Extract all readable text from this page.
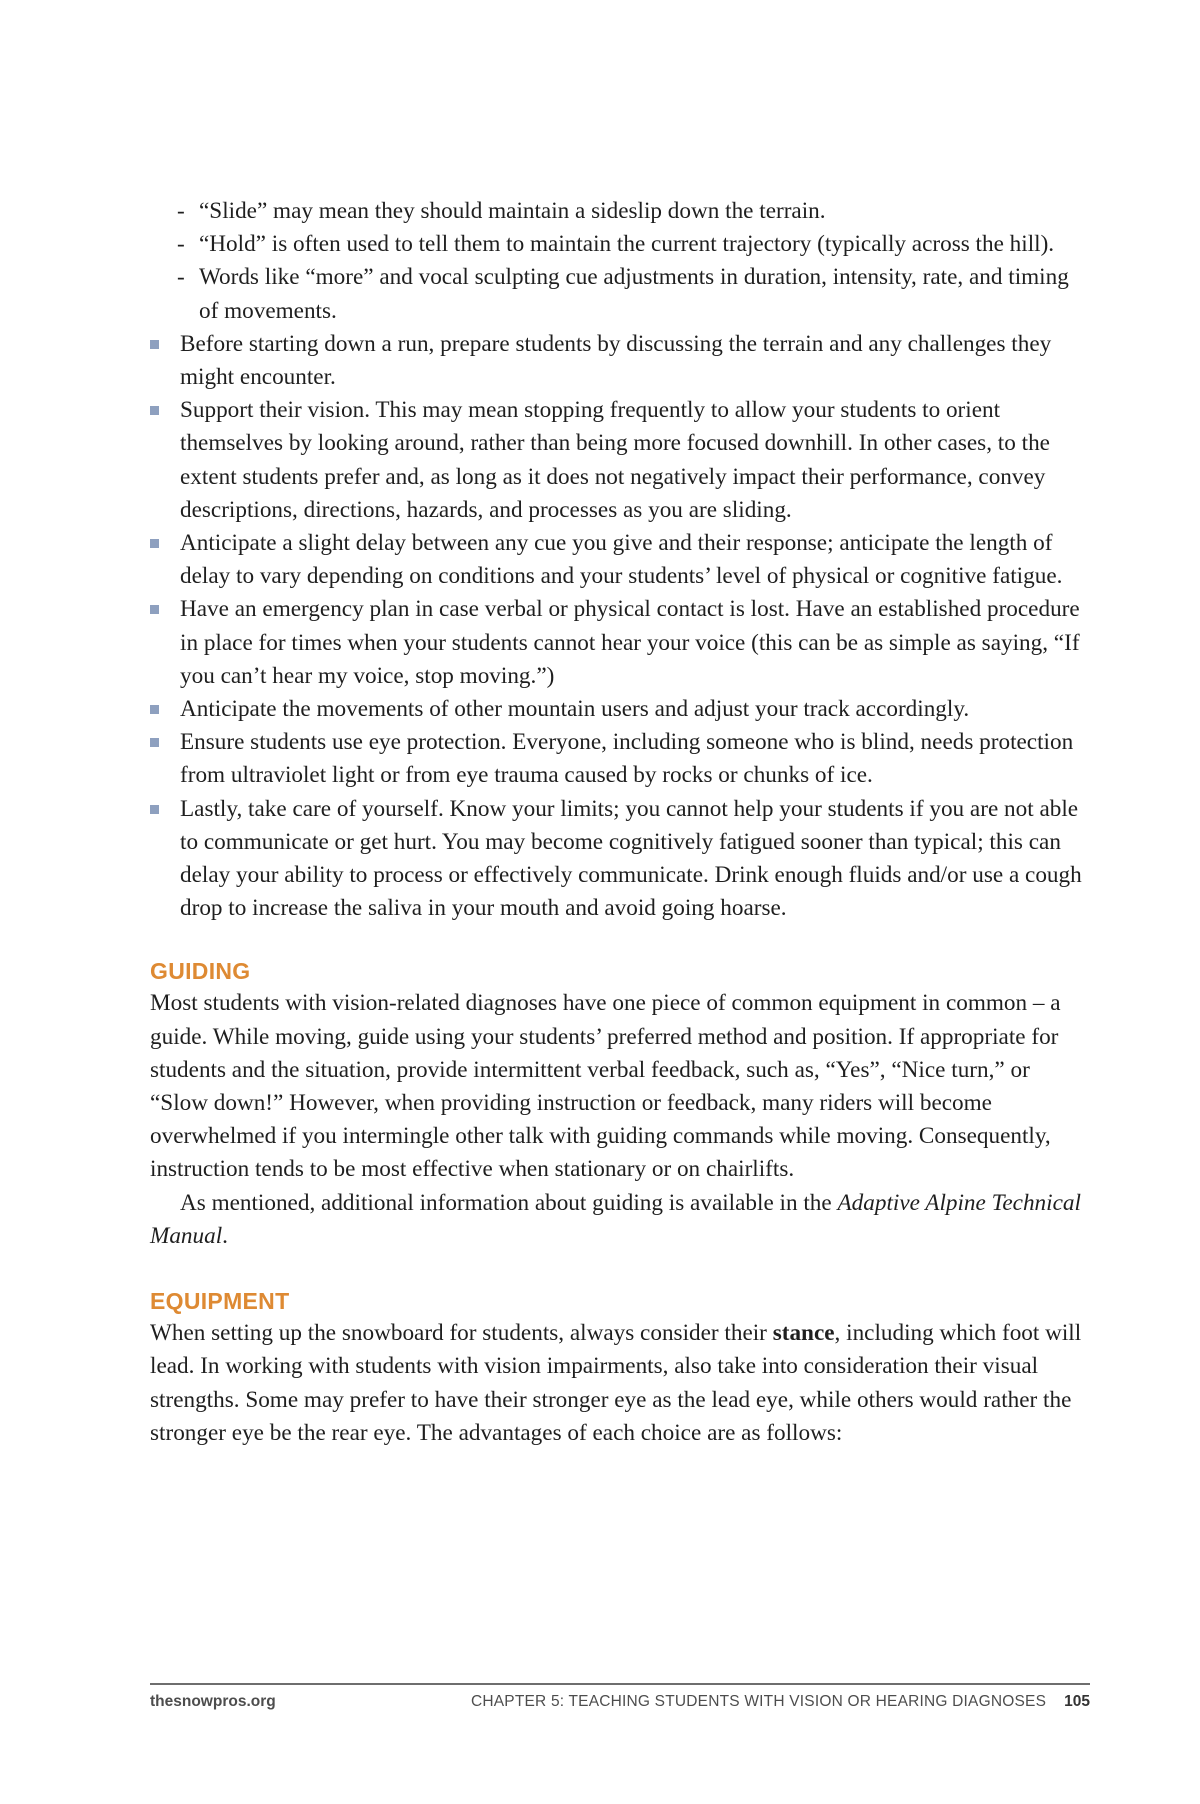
- “Slide” may mean they should maintain a sideslip down the terrain.
- “Hold” is often used to tell them to maintain the current trajectory (typically across the hill).
- Words like “more” and vocal sculpting cue adjustments in duration, intensity, rate, and timing of movements.
Before starting down a run, prepare students by discussing the terrain and any challenges they might encounter.
Support their vision. This may mean stopping frequently to allow your students to orient themselves by looking around, rather than being more focused downhill. In other cases, to the extent students prefer and, as long as it does not negatively impact their performance, convey descriptions, directions, hazards, and processes as you are sliding.
Anticipate a slight delay between any cue you give and their response; anticipate the length of delay to vary depending on conditions and your students’ level of physical or cognitive fatigue.
Have an emergency plan in case verbal or physical contact is lost. Have an established procedure in place for times when your students cannot hear your voice (this can be as simple as saying, “If you can’t hear my voice, stop moving.”)
Anticipate the movements of other mountain users and adjust your track accordingly.
Ensure students use eye protection. Everyone, including someone who is blind, needs protection from ultraviolet light or from eye trauma caused by rocks or chunks of ice.
Lastly, take care of yourself. Know your limits; you cannot help your students if you are not able to communicate or get hurt. You may become cognitively fatigued sooner than typical; this can delay your ability to process or effectively communicate. Drink enough fluids and/or use a cough drop to increase the saliva in your mouth and avoid going hoarse.
GUIDING

Most students with vision-related diagnoses have one piece of common equipment in common – a guide. While moving, guide using your students’ preferred method and position. If appropriate for students and the situation, provide intermittent verbal feedback, such as, “Yes”, “Nice turn,” or “Slow down!” However, when providing instruction or feedback, many riders will become overwhelmed if you intermingle other talk with guiding commands while moving. Consequently, instruction tends to be most effective when stationary or on chairlifts.

As mentioned, additional information about guiding is available in the Adaptive Alpine Technical Manual.

EQUIPMENT

When setting up the snowboard for students, always consider their stance, including which foot will lead. In working with students with vision impairments, also take into consideration their visual strengths. Some may prefer to have their stronger eye as the lead eye, while others would rather the stronger eye be the rear eye. The advantages of each choice are as follows:

thesnowpros.org	CHAPTER 5: TEACHING STUDENTS WITH VISION OR HEARING DIAGNOSES 105
